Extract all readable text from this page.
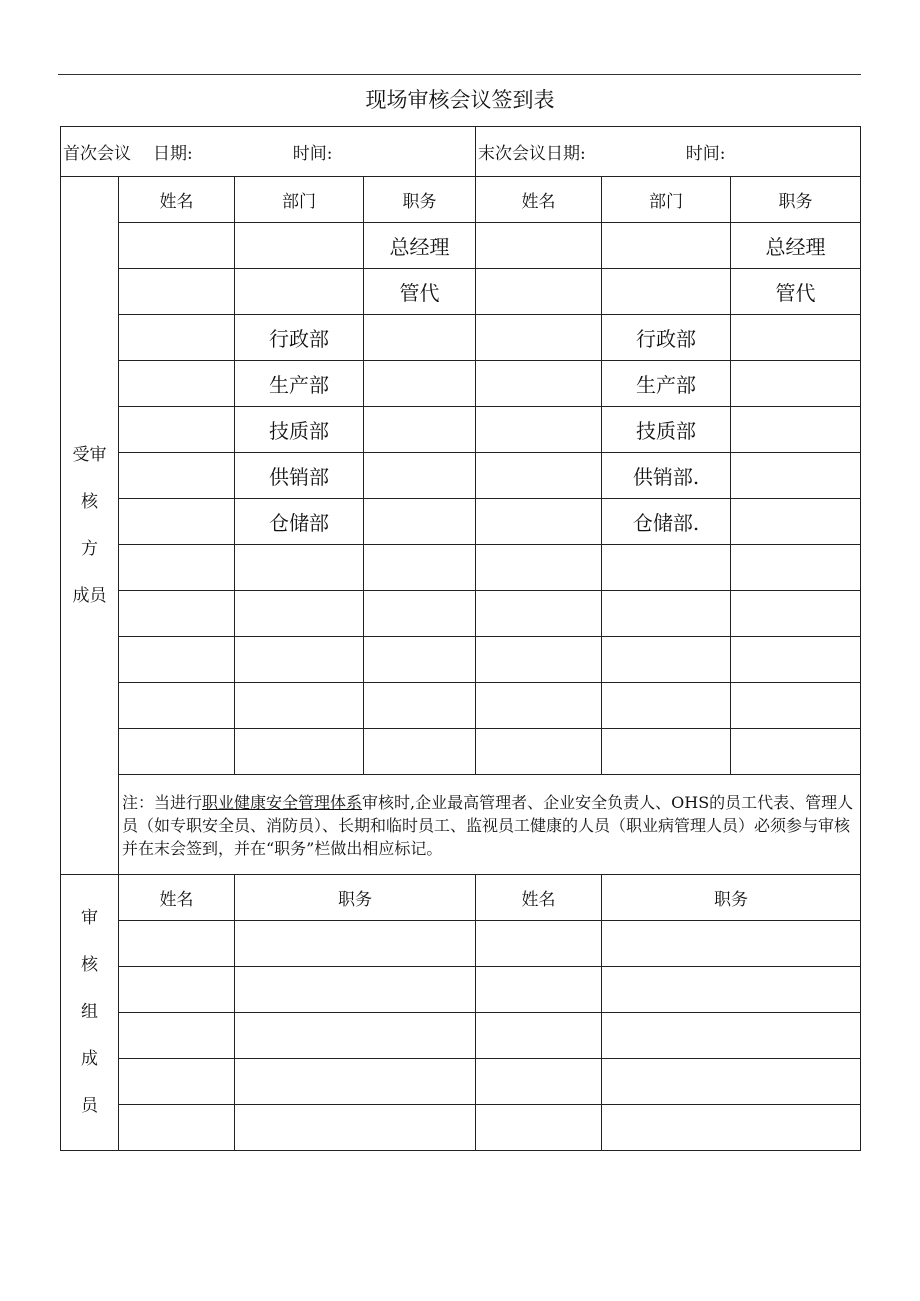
现场审核会议签到表
首次会议 日期: 时间:				末次会议日期: 时间:		

受审
核
方
成员	姓名	部门	职务	姓名	部门	职务
			总经理			总经理
			管代			管代
		行政部			行政部	
		生产部			生产部	
		技质部			技质部	
		供销部			供销部.	
		仓储部			仓储部.	

	注：当进行职业健康安全管理体系审核时,企业最高管理者、企业安全负责人、OHS的员工代表、管理人员（如专职安全员、消防员）、长期和临时员工、监视员工健康的人员（职业病管理人员）必须参与审核并在末会签到，并在“职务”栏做出相应标记。					

审
核
组
成
员	姓名	职务		姓名	职务	
